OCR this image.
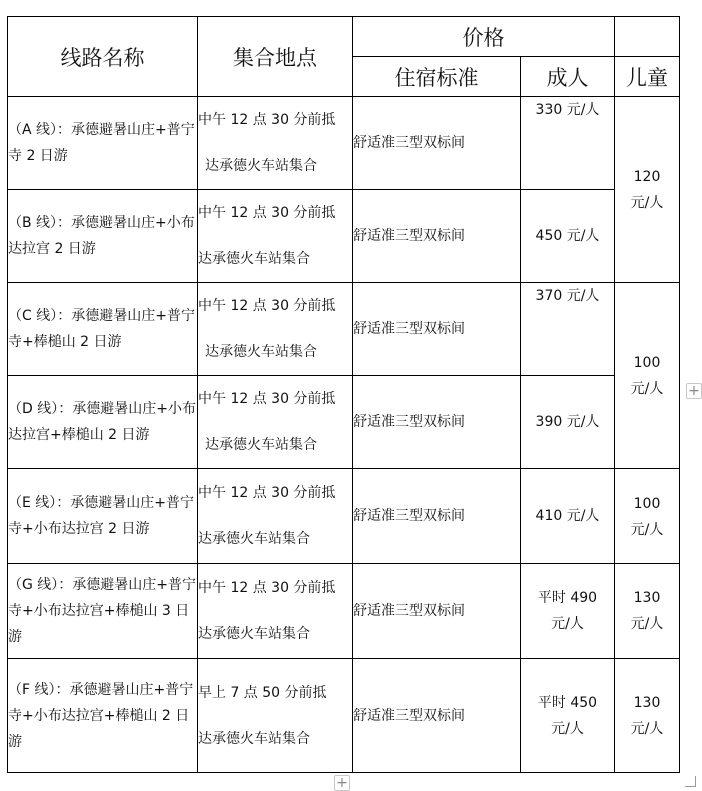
线路名称	集合地点	价格		
		住宿标准	成人	儿童
（A 线）：承德避暑山庄+普宁寺 2 日游	中午 12 点 30 分前抵
达承德火车站集合	舒适准三型双标间	330 元/人	120 元/人

（B 线）：承德避暑山庄+小布达拉宫 2 日游	中午 12 点 30 分前抵
达承德火车站集合	舒适准三型双标间	450 元/人	
（C 线）：承德避暑山庄+普宁寺+棒槌山 2 日游	中午 12 点 30 分前抵
达承德火车站集合	舒适准三型双标间	370 元/人	100 元/人

（D 线）：承德避暑山庄+小布达拉宫+棒槌山 2 日游	中午 12 点 30 分前抵
达承德火车站集合	舒适准三型双标间	390 元/人	
（E 线）：承德避暑山庄+普宁寺+小布达拉宫 2 日游	中午 12 点 30 分前抵
达承德火车站集合	舒适准三型双标间	410 元/人	100 元/人

（G 线）：承德避暑山庄+普宁寺+小布达拉宫+棒槌山 3 日游	中午 12 点 30 分前抵
达承德火车站集合	舒适准三型双标间	平时 490 元/人	130 元/人

（F 线）：承德避暑山庄+普宁寺+小布达拉宫+棒槌山 2 日游	早上 7 点 50 分前抵
达承德火车站集合	舒适准三型双标间	平时 450 元/人	130 元/人
+
+
